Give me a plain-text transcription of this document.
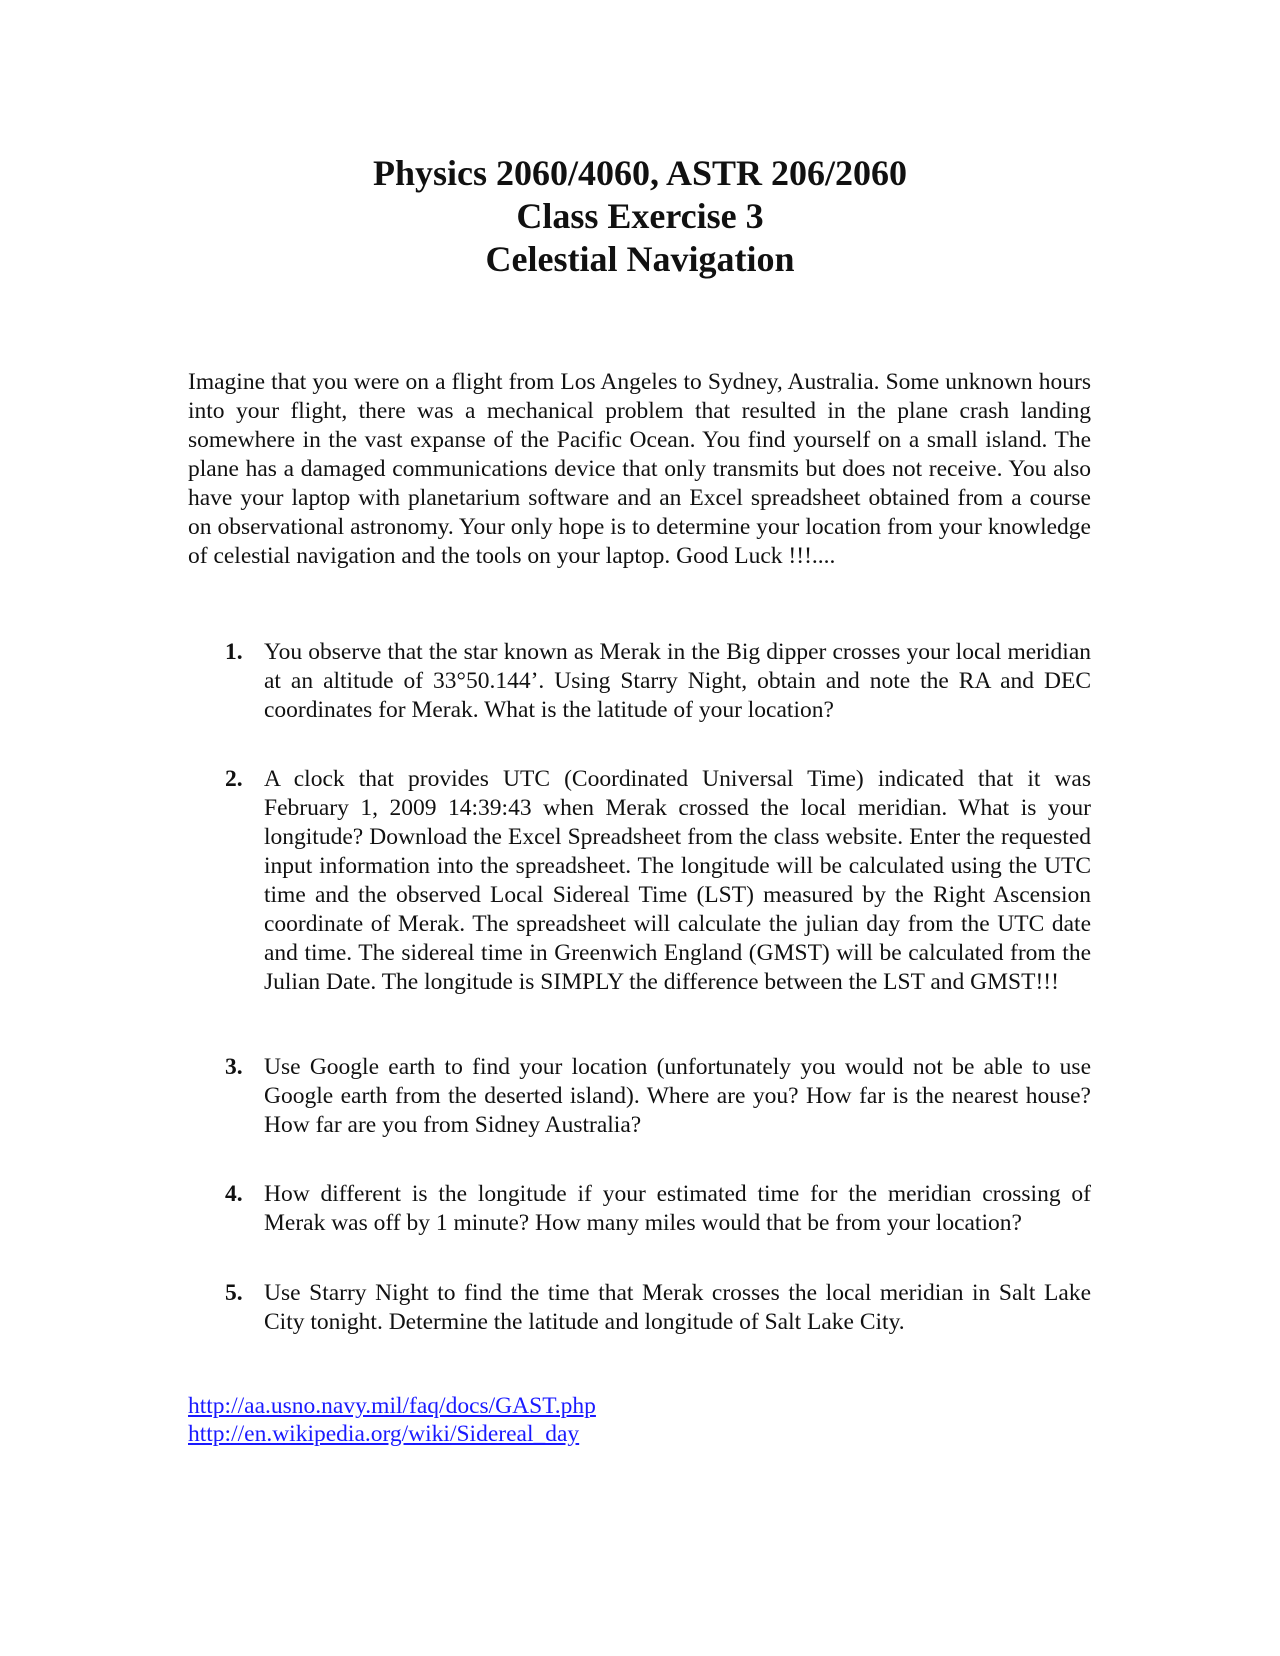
Physics 2060/4060, ASTR 206/2060
Class Exercise 3
Celestial Navigation

Imagine that you were on a flight from Los Angeles to Sydney, Australia. Some unknown hours into your flight, there was a mechanical problem that resulted in the plane crash landing somewhere in the vast expanse of the Pacific Ocean. You find yourself on a small island. The plane has a damaged communications device that only transmits but does not receive. You also have your laptop with planetarium software and an Excel spreadsheet obtained from a course on observational astronomy. Your only hope is to determine your location from your knowledge of celestial navigation and the tools on your laptop. Good Luck !!!....

1. You observe that the star known as Merak in the Big dipper crosses your local meridian at an altitude of 33°50.144’. Using Starry Night, obtain and note the RA and DEC coordinates for Merak. What is the latitude of your location?
2. A clock that provides UTC (Coordinated Universal Time) indicated that it was February 1, 2009 14:39:43 when Merak crossed the local meridian. What is your longitude? Download the Excel Spreadsheet from the class website. Enter the requested input information into the spreadsheet. The longitude will be calculated using the UTC time and the observed Local Sidereal Time (LST) measured by the Right Ascension coordinate of Merak. The spreadsheet will calculate the julian day from the UTC date and time. The sidereal time in Greenwich England (GMST) will be calculated from the Julian Date. The longitude is SIMPLY the difference between the LST and GMST!!!
3. Use Google earth to find your location (unfortunately you would not be able to use Google earth from the deserted island). Where are you? How far is the nearest house? How far are you from Sidney Australia?
4. How different is the longitude if your estimated time for the meridian crossing of Merak was off by 1 minute? How many miles would that be from your location?
5. Use Starry Night to find the time that Merak crosses the local meridian in Salt Lake City tonight. Determine the latitude and longitude of Salt Lake City.
http://aa.usno.navy.mil/faq/docs/GAST.php
http://en.wikipedia.org/wiki/Sidereal_day
